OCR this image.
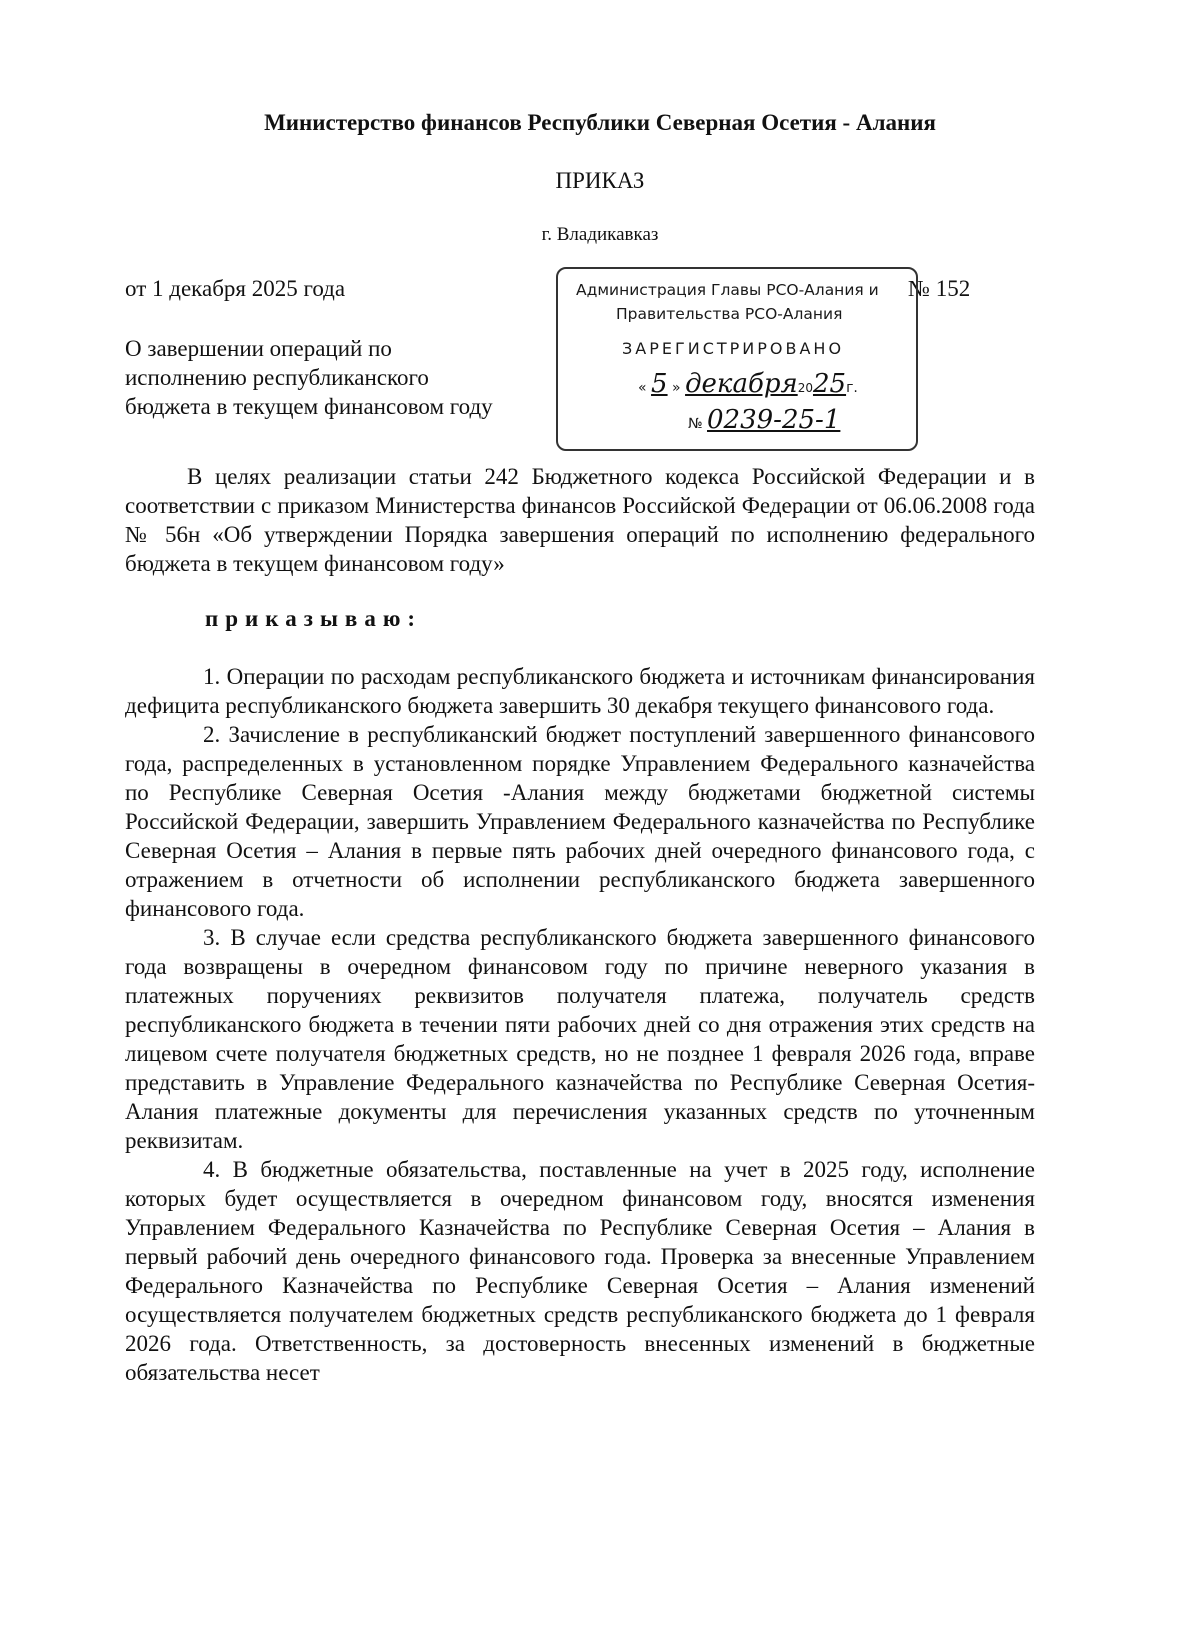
Министерство финансов Республики Северная Осетия - Алания
ПРИКАЗ
г. Владикавказ
от 1 декабря 2025 года	№ 152
О завершении операций по
исполнению республиканского
бюджета в текущем финансовом году
Администрация Главы РСО-Алания и
Правительства РСО-Алания
ЗАРЕГИСТРИРОВАНО
« 5 » декабря2025г.
№ 0239-25-1

В целях реализации статьи 242 Бюджетного кодекса Российской Федерации и в соответствии с приказом Министерства финансов Российской Федерации от 06.06.2008 года № 56н «Об утверждении Порядка завершения операций по исполнению федерального бюджета в текущем финансовом году»

приказываю:

1. Операции по расходам республиканского бюджета и источникам финансирования дефицита республиканского бюджета завершить 30 декабря текущего финансового года.

2. Зачисление в республиканский бюджет поступлений завершенного финансового года, распределенных в установленном порядке Управлением Федерального казначейства по Республике Северная Осетия -Алания между бюджетами бюджетной системы Российской Федерации, завершить Управлением Федерального казначейства по Республике Северная Осетия – Алания в первые пять рабочих дней очередного финансового года, с отражением в отчетности об исполнении республиканского бюджета завершенного финансового года.

3. В случае если средства республиканского бюджета завершенного финансового года возвращены в очередном финансовом году по причине неверного указания в платежных поручениях реквизитов получателя платежа, получатель средств республиканского бюджета в течении пяти рабочих дней со дня отражения этих средств на лицевом счете получателя бюджетных средств, но не позднее 1 февраля 2026 года, вправе представить в Управление Федерального казначейства по Республике Северная Осетия-Алания платежные документы для перечисления указанных средств по уточненным реквизитам.

4. В бюджетные обязательства, поставленные на учет в 2025 году, исполнение которых будет осуществляется в очередном финансовом году, вносятся изменения Управлением Федерального Казначейства по Республике Северная Осетия – Алания в первый рабочий день очередного финансового года. Проверка за внесенные Управлением Федерального Казначейства по Республике Северная Осетия – Алания изменений осуществляется получателем бюджетных средств республиканского бюджета до 1 февраля 2026 года. Ответственность, за достоверность внесенных изменений в бюджетные обязательства несет
